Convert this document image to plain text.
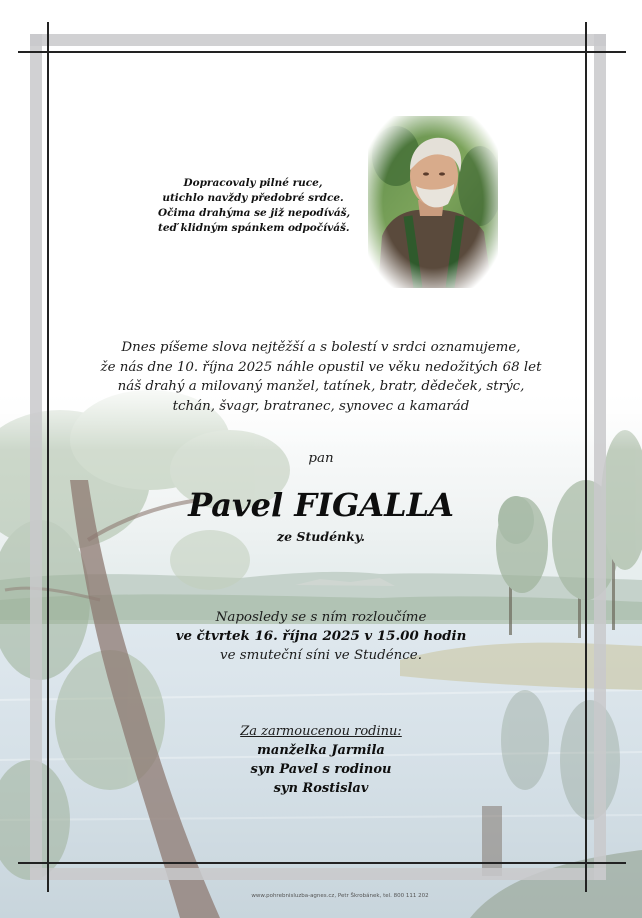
Dopracovaly pilné ruce,
utichlo navždy předobré srdce.
Očima drahýma se již nepodíváš,
teď klidným spánkem odpočíváš.
Dnes píšeme slova nejtěžší a s bolestí v srdci oznamujeme,
že nás dne 10. října 2025 náhle opustil ve věku nedožitých 68 let
náš drahý a milovaný manžel, tatínek, bratr, dědeček, strýc,
tchán, švagr, bratranec, synovec a kamarád
pan
Pavel FIGALLA
ze Studénky.
Naposledy se s ním rozloučíme
ve čtvrtek 16. října 2025 v 15.00 hodin
ve smuteční síni ve Studénce.
Za zarmoucenou rodinu:
manželka Jarmila
syn Pavel s rodinou
syn Rostislav
www.pohrebnisluzba-agnes.cz, Petr Škrobánek, tel. 800 111 202
